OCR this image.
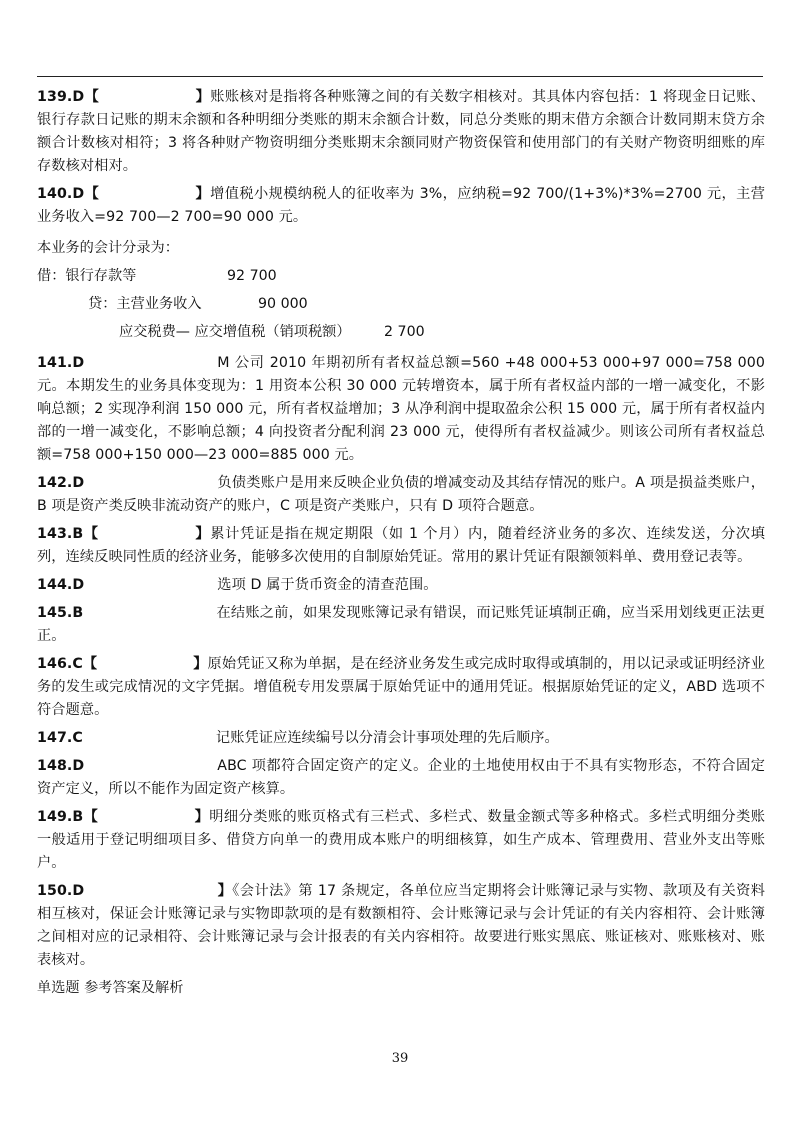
139.D【	】账账核对是指将各种账簿之间的有关数字相核对。其具体内容包括：1 将现金日记账、银行存款日记账的期末余额和各种明细分类账的期末余额合计数，同总分类账的期末借方余额合计数同期末贷方余额合计数核对相符；3 将各种财产物资明细分类账期末余额同财产物资保管和使用部门的有关财产物资明细账的库存数核对相对。

140.D【	】增值税小规模纳税人的征收率为 3%，应纳税=92 700/(1+3%)*3%=2700 元，主营业务收入=92 700—2 700=90 000 元。

本业务的会计分录为：
借：银行存款等	92 700
贷：主营业务收入	90 000
应交税费— 应交增值税（销项税额）	2 700

141.D	M 公司 2010 年期初所有者权益总额=560 +48 000+53 000+97 000=758 000 元。本期发生的业务具体变现为：1 用资本公积 30 000 元转增资本，属于所有者权益内部的一增一减变化，不影响总额；2 实现净利润 150 000 元，所有者权益增加；3 从净利润中提取盈余公积 15 000 元，属于所有者权益内部的一增一减变化，不影响总额；4 向投资者分配利润 23 000 元，使得所有者权益减少。则该公司所有者权益总额=758 000+150 000—23 000=885 000 元。

142.D	负债类账户是用来反映企业负债的增减变动及其结存情况的账户。A 项是损益类账户，B 项是资产类反映非流动资产的账户，C 项是资产类账户，只有 D 项符合题意。

143.B【	】累计凭证是指在规定期限（如 1 个月）内，随着经济业务的多次、连续发送，分次填列，连续反映同性质的经济业务，能够多次使用的自制原始凭证。常用的累计凭证有限额领料单、费用登记表等。

144.D	选项 D 属于货币资金的清查范围。

145.B	在结账之前，如果发现账簿记录有错误，而记账凭证填制正确，应当采用划线更正法更正。

146.C【	】原始凭证又称为单据，是在经济业务发生或完成时取得或填制的，用以记录或证明经济业务的发生或完成情况的文字凭据。增值税专用发票属于原始凭证中的通用凭证。根据原始凭证的定义，ABD 选项不符合题意。

147.C	记账凭证应连续编号以分清会计事项处理的先后顺序。

148.D	ABC 项都符合固定资产的定义。企业的土地使用权由于不具有实物形态，不符合固定资产定义，所以不能作为固定资产核算。

149.B【	】明细分类账的账页格式有三栏式、多栏式、数量金额式等多种格式。多栏式明细分类账一般适用于登记明细项目多、借贷方向单一的费用成本账户的明细核算，如生产成本、管理费用、营业外支出等账户。

150.D	】《会计法》第 17 条规定，各单位应当定期将会计账簿记录与实物、款项及有关资料相互核对，保证会计账簿记录与实物即款项的是有数额相符、会计账簿记录与会计凭证的有关内容相符、会计账簿之间相对应的记录相符、会计账簿记录与会计报表的有关内容相符。故要进行账实黑底、账证核对、账账核对、账表核对。

单选题 参考答案及解析
39
